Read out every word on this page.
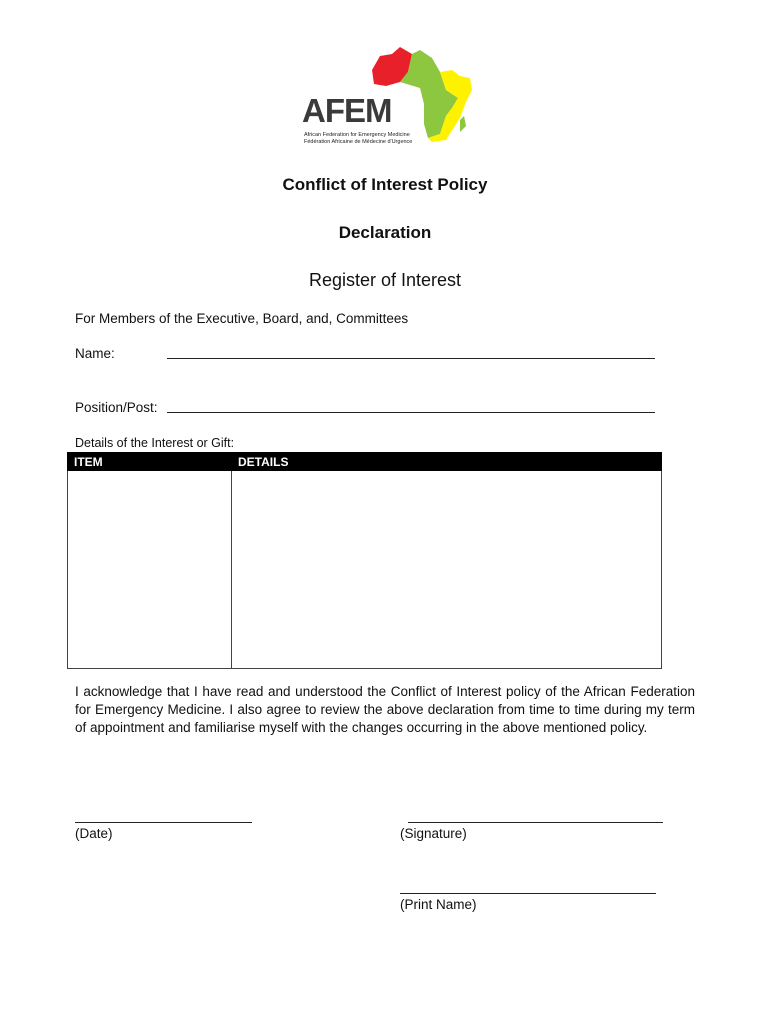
AFEM
African Federation for Emergency Medicine
Fédération Africaine de Médecine d'Urgence
Conflict of Interest Policy
Declaration
Register of Interest
For Members of the Executive, Board, and, Committees
Name:
Position/Post:
Details of the Interest or Gift:
ITEM	DETAILS

I acknowledge that I have read and understood the Conflict of Interest policy of the African Federation for Emergency Medicine. I also agree to review the above declaration from time to time during my term of appointment and familiarise myself with the changes occurring in the above mentioned policy.
(Date)	(Signature)
(Print Name)
